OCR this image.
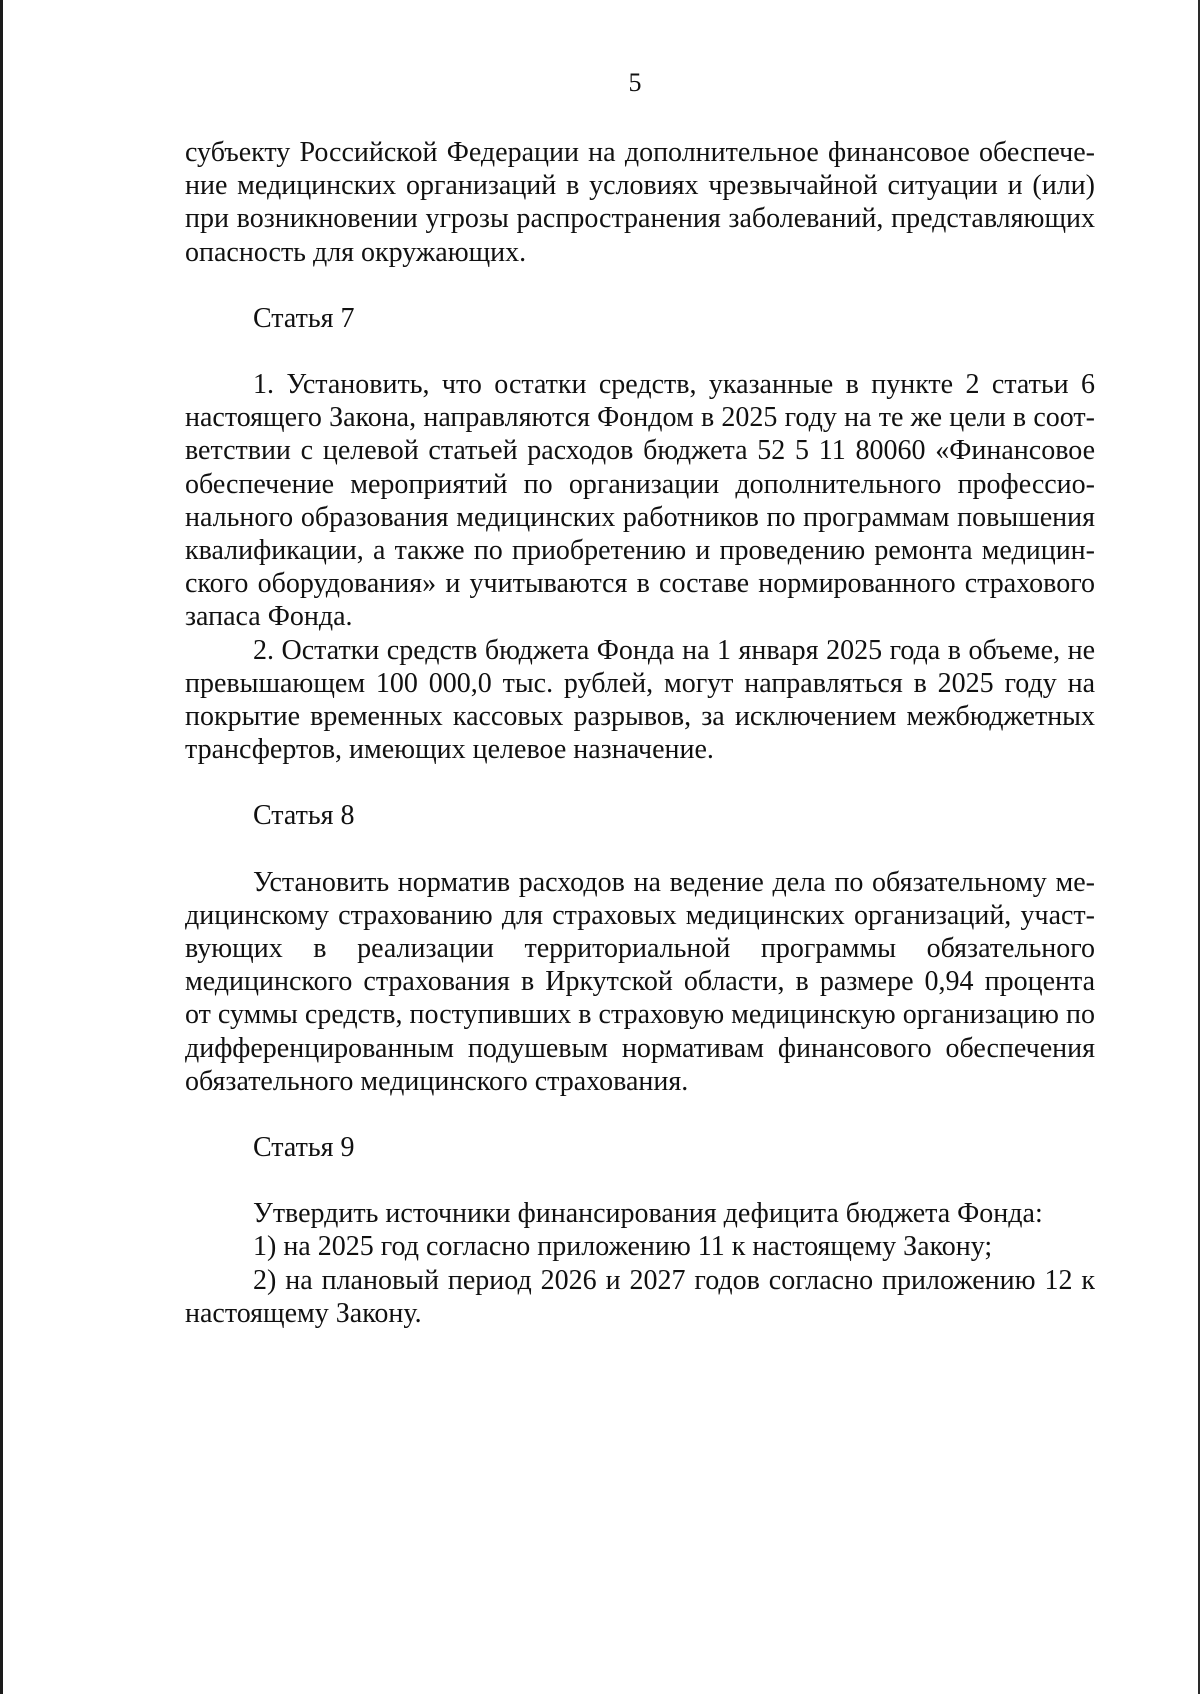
5

субъекту Российской Федерации на дополнительное финансовое обеспечение медицинских организаций в условиях чрезвычайной ситуации и (или) при возникновении угрозы распространения заболеваний, представляющих опасность для окружающих.

Статья 7

1. Установить, что остатки средств, указанные в пункте 2 статьи 6 настоящего Закона, направляются Фондом в 2025 году на те же цели в соответствии с целевой статьей расходов бюджета 52 5 11 80060 «Финансовое обеспечение мероприятий по организации дополнительного профессионального образования медицинских работников по программам повышения квалификации, а также по приобретению и проведению ремонта медицинского оборудования» и учитываются в составе нормированного страхового запаса Фонда.

2. Остатки средств бюджета Фонда на 1 января 2025 года в объеме, не превышающем 100 000,0 тыс. рублей, могут направляться в 2025 году на покрытие временных кассовых разрывов, за исключением межбюджетных трансфертов, имеющих целевое назначение.

Статья 8

Установить норматив расходов на ведение дела по обязательному медицинскому страхованию для страховых медицинских организаций, участвующих в реализации территориальной программы обязательного медицинского страхования в Иркутской области, в размере 0,94 процента от суммы средств, поступивших в страховую медицинскую организацию по дифференцированным подушевым нормативам финансового обеспечения обязательного медицинского страхования.

Статья 9

Утвердить источники финансирования дефицита бюджета Фонда:

1) на 2025 год согласно приложению 11 к настоящему Закону;

2) на плановый период 2026 и 2027 годов согласно приложению 12 к настоящему Закону.
